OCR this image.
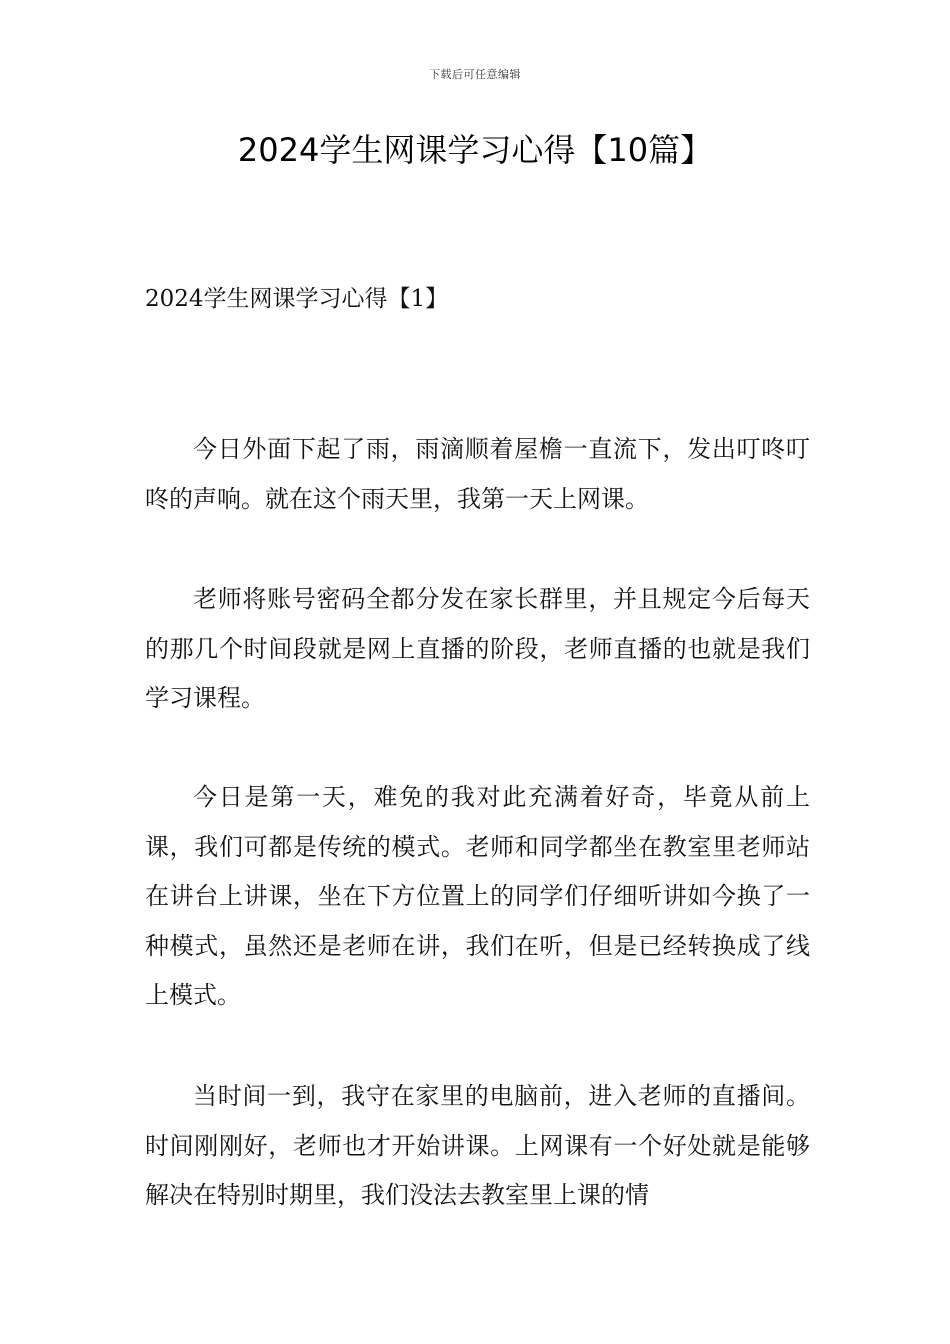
下载后可任意编辑
2024学生网课学习心得【10篇】
2024学生网课学习心得【1】

今日外面下起了雨，雨滴顺着屋檐一直流下，发出叮咚叮咚的声响。就在这个雨天里，我第一天上网课。

老师将账号密码全都分发在家长群里，并且规定今后每天的那几个时间段就是网上直播的阶段，老师直播的也就是我们学习课程。

今日是第一天，难免的我对此充满着好奇，毕竟从前上课，我们可都是传统的模式。老师和同学都坐在教室里老师站在讲台上讲课，坐在下方位置上的同学们仔细听讲如今换了一种模式，虽然还是老师在讲，我们在听，但是已经转换成了线上模式。

当时间一到，我守在家里的电脑前，进入老师的直播间。时间刚刚好，老师也才开始讲课。上网课有一个好处就是能够解决在特别时期里，我们没法去教室里上课的情
